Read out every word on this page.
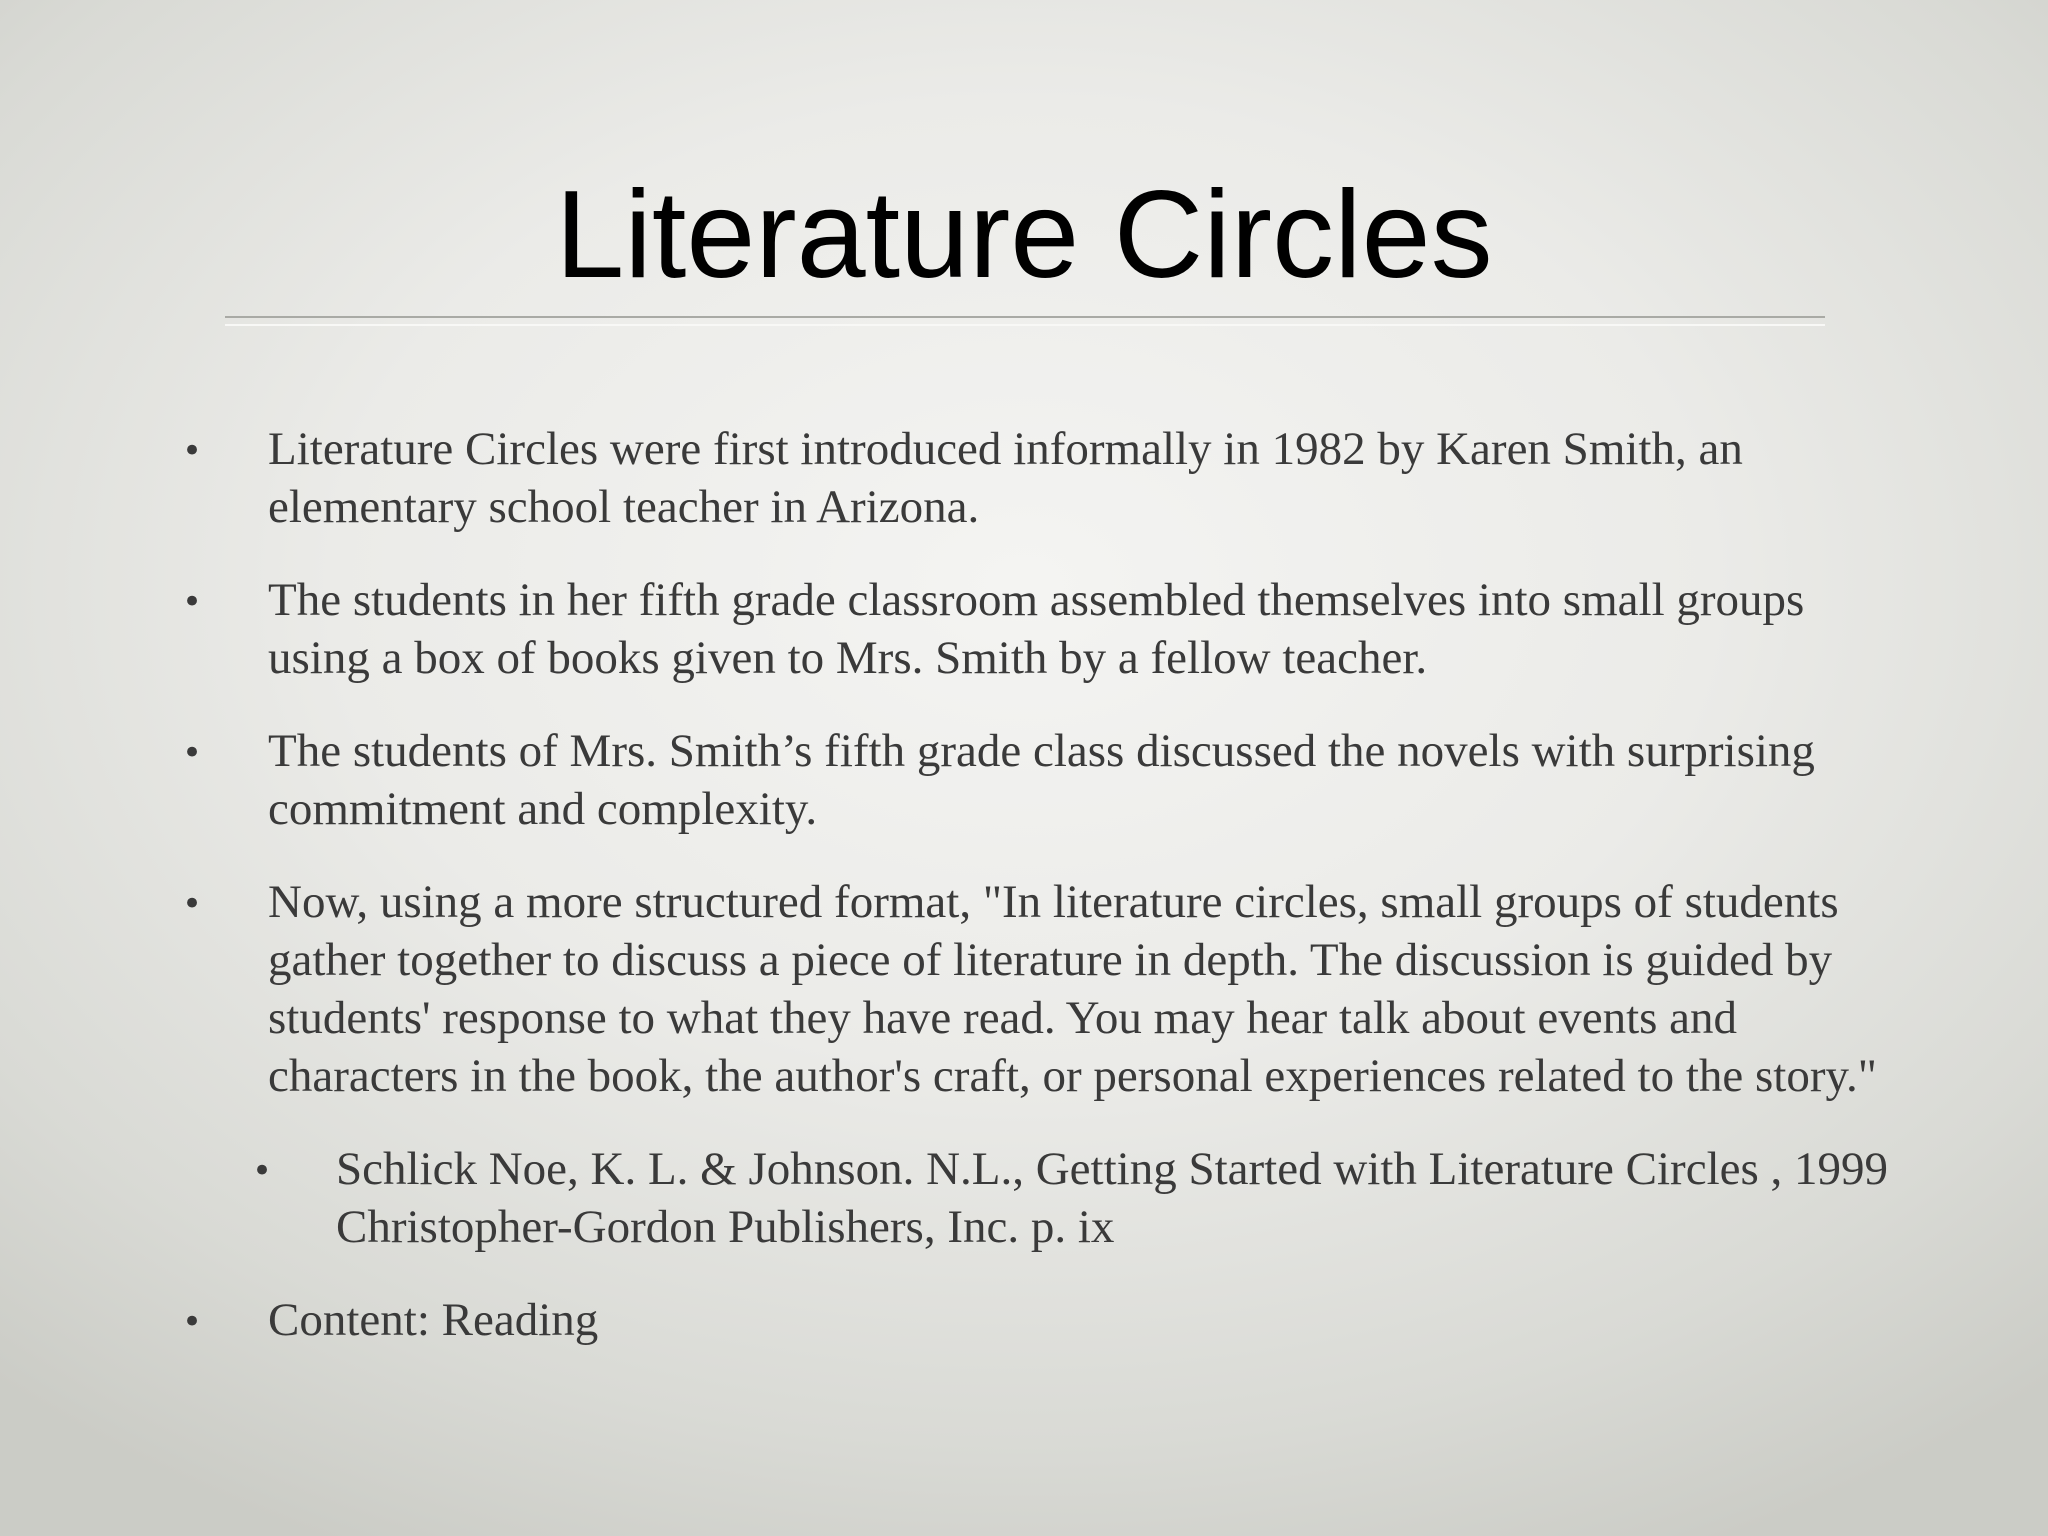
Literature Circles

• Literature Circles were first introduced informally in 1982 by Karen Smith, an elementary school teacher in Arizona.

• The students in her fifth grade classroom assembled themselves into small groups using a box of books given to Mrs. Smith by a fellow teacher.

• The students of Mrs. Smith’s fifth grade class discussed the novels with surprising commitment and complexity.

• Now, using a more structured format, "In literature circles, small groups of students gather together to discuss a piece of literature in depth. The discussion is guided by students' response to what they have read. You may hear talk about events and characters in the book, the author's craft, or personal experiences related to the story."

• Schlick Noe, K. L. & Johnson. N.L., Getting Started with Literature Circles , 1999 Christopher-Gordon Publishers, Inc. p. ix

• Content: Reading
